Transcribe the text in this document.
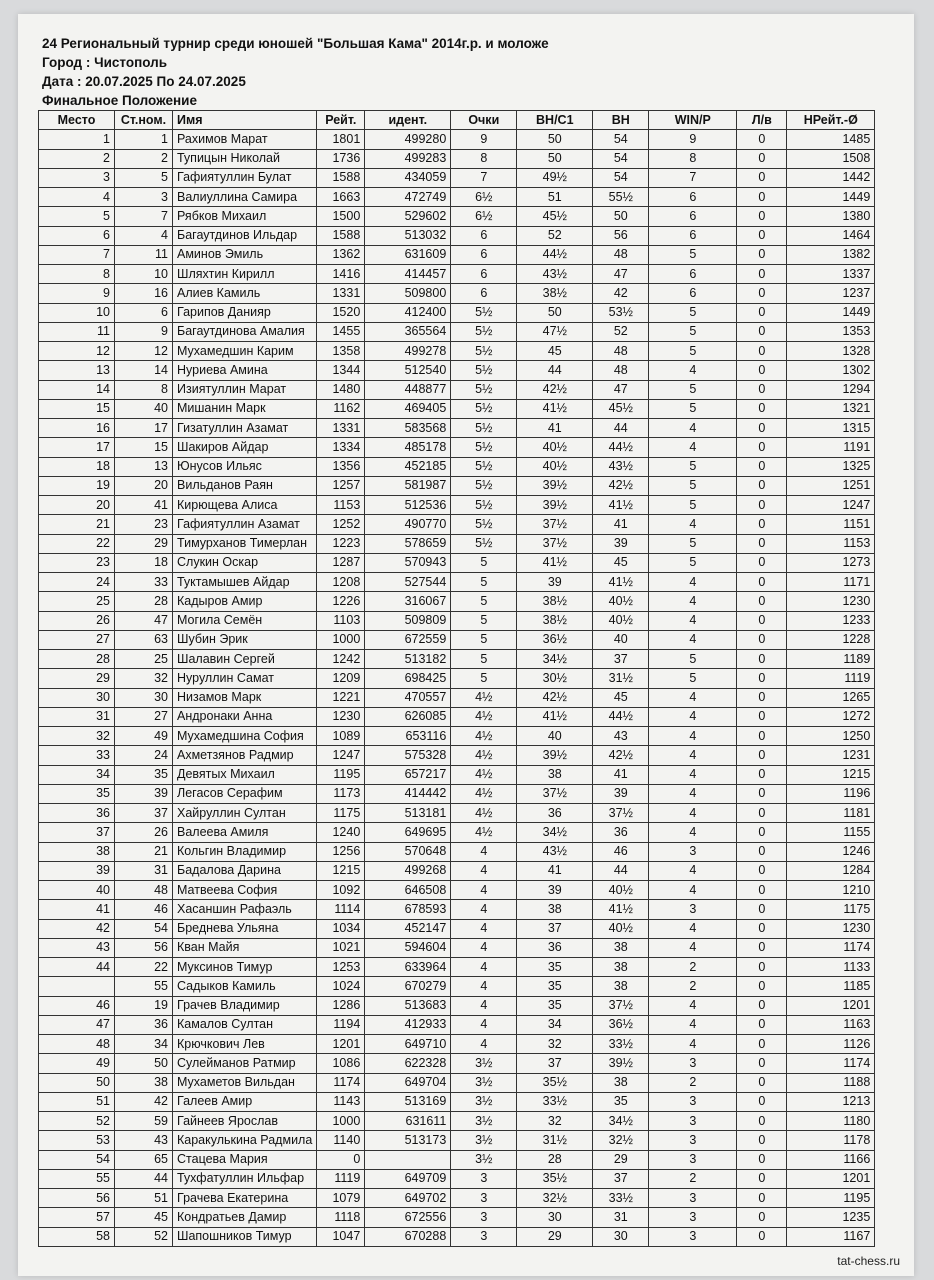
24 Региональный турнир среди юношей "Большая Кама" 2014г.р. и моложе
Город : Чистополь
Дата : 20.07.2025 По 24.07.2025
Финальное Положение
Место	Ст.ном.	Имя	Рейт.	идент.	Очки	ВН/С1	ВН	WIN/P	Л/в	НРейт.-Ø
1	1	Рахимов Марат	1801	499280	9	50	54	9	0	1485
2	2	Тупицын Николай	1736	499283	8	50	54	8	0	1508
3	5	Гафиятуллин Булат	1588	434059	7	49½	54	7	0	1442
4	3	Валиуллина Самира	1663	472749	6½	51	55½	6	0	1449
5	7	Рябков Михаил	1500	529602	6½	45½	50	6	0	1380
6	4	Багаутдинов Ильдар	1588	513032	6	52	56	6	0	1464
7	11	Аминов Эмиль	1362	631609	6	44½	48	5	0	1382
8	10	Шляхтин Кирилл	1416	414457	6	43½	47	6	0	1337
9	16	Алиев Камиль	1331	509800	6	38½	42	6	0	1237
10	6	Гарипов Данияр	1520	412400	5½	50	53½	5	0	1449
11	9	Багаутдинова Амалия	1455	365564	5½	47½	52	5	0	1353
12	12	Мухамедшин Карим	1358	499278	5½	45	48	5	0	1328
13	14	Нуриева Амина	1344	512540	5½	44	48	4	0	1302
14	8	Изиятуллин Марат	1480	448877	5½	42½	47	5	0	1294
15	40	Мишанин Марк	1162	469405	5½	41½	45½	5	0	1321
16	17	Гизатуллин Азамат	1331	583568	5½	41	44	4	0	1315
17	15	Шакиров Айдар	1334	485178	5½	40½	44½	4	0	1191
18	13	Юнусов Ильяс	1356	452185	5½	40½	43½	5	0	1325
19	20	Вильданов Раян	1257	581987	5½	39½	42½	5	0	1251
20	41	Кирющева Алиса	1153	512536	5½	39½	41½	5	0	1247
21	23	Гафиятуллин Азамат	1252	490770	5½	37½	41	4	0	1151
22	29	Тимурханов Тимерлан	1223	578659	5½	37½	39	5	0	1153
23	18	Слукин Оскар	1287	570943	5	41½	45	5	0	1273
24	33	Туктамышев Айдар	1208	527544	5	39	41½	4	0	1171
25	28	Кадыров Амир	1226	316067	5	38½	40½	4	0	1230
26	47	Могила Семён	1103	509809	5	38½	40½	4	0	1233
27	63	Шубин Эрик	1000	672559	5	36½	40	4	0	1228
28	25	Шалавин Сергей	1242	513182	5	34½	37	5	0	1189
29	32	Нуруллин Самат	1209	698425	5	30½	31½	5	0	1119
30	30	Низамов Марк	1221	470557	4½	42½	45	4	0	1265
31	27	Андронаки Анна	1230	626085	4½	41½	44½	4	0	1272
32	49	Мухамедшина София	1089	653116	4½	40	43	4	0	1250
33	24	Ахметзянов Радмир	1247	575328	4½	39½	42½	4	0	1231
34	35	Девятых Михаил	1195	657217	4½	38	41	4	0	1215
35	39	Легасов Серафим	1173	414442	4½	37½	39	4	0	1196
36	37	Хайруллин Султан	1175	513181	4½	36	37½	4	0	1181
37	26	Валеева Амиля	1240	649695	4½	34½	36	4	0	1155
38	21	Кольгин Владимир	1256	570648	4	43½	46	3	0	1246
39	31	Бадалова Дарина	1215	499268	4	41	44	4	0	1284
40	48	Матвеева София	1092	646508	4	39	40½	4	0	1210
41	46	Хасаншин Рафаэль	1114	678593	4	38	41½	3	0	1175
42	54	Бреднева Ульяна	1034	452147	4	37	40½	4	0	1230
43	56	Кван Майя	1021	594604	4	36	38	4	0	1174
44	22	Муксинов Тимур	1253	633964	4	35	38	2	0	1133
	55	Садыков Камиль	1024	670279	4	35	38	2	0	1185
46	19	Грачев Владимир	1286	513683	4	35	37½	4	0	1201
47	36	Камалов Султан	1194	412933	4	34	36½	4	0	1163
48	34	Крючкович Лев	1201	649710	4	32	33½	4	0	1126
49	50	Сулейманов Ратмир	1086	622328	3½	37	39½	3	0	1174
50	38	Мухаметов Вильдан	1174	649704	3½	35½	38	2	0	1188
51	42	Галеев Амир	1143	513169	3½	33½	35	3	0	1213
52	59	Гайнеев Ярослав	1000	631611	3½	32	34½	3	0	1180
53	43	Каракулькина Радмила	1140	513173	3½	31½	32½	3	0	1178
54	65	Стацева Мария	0		3½	28	29	3	0	1166
55	44	Тухфатуллин Ильфар	1119	649709	3	35½	37	2	0	1201
56	51	Грачева Екатерина	1079	649702	3	32½	33½	3	0	1195
57	45	Кондратьев Дамир	1118	672556	3	30	31	3	0	1235
58	52	Шапошников Тимур	1047	670288	3	29	30	3	0	1167
tat-chess.ru
